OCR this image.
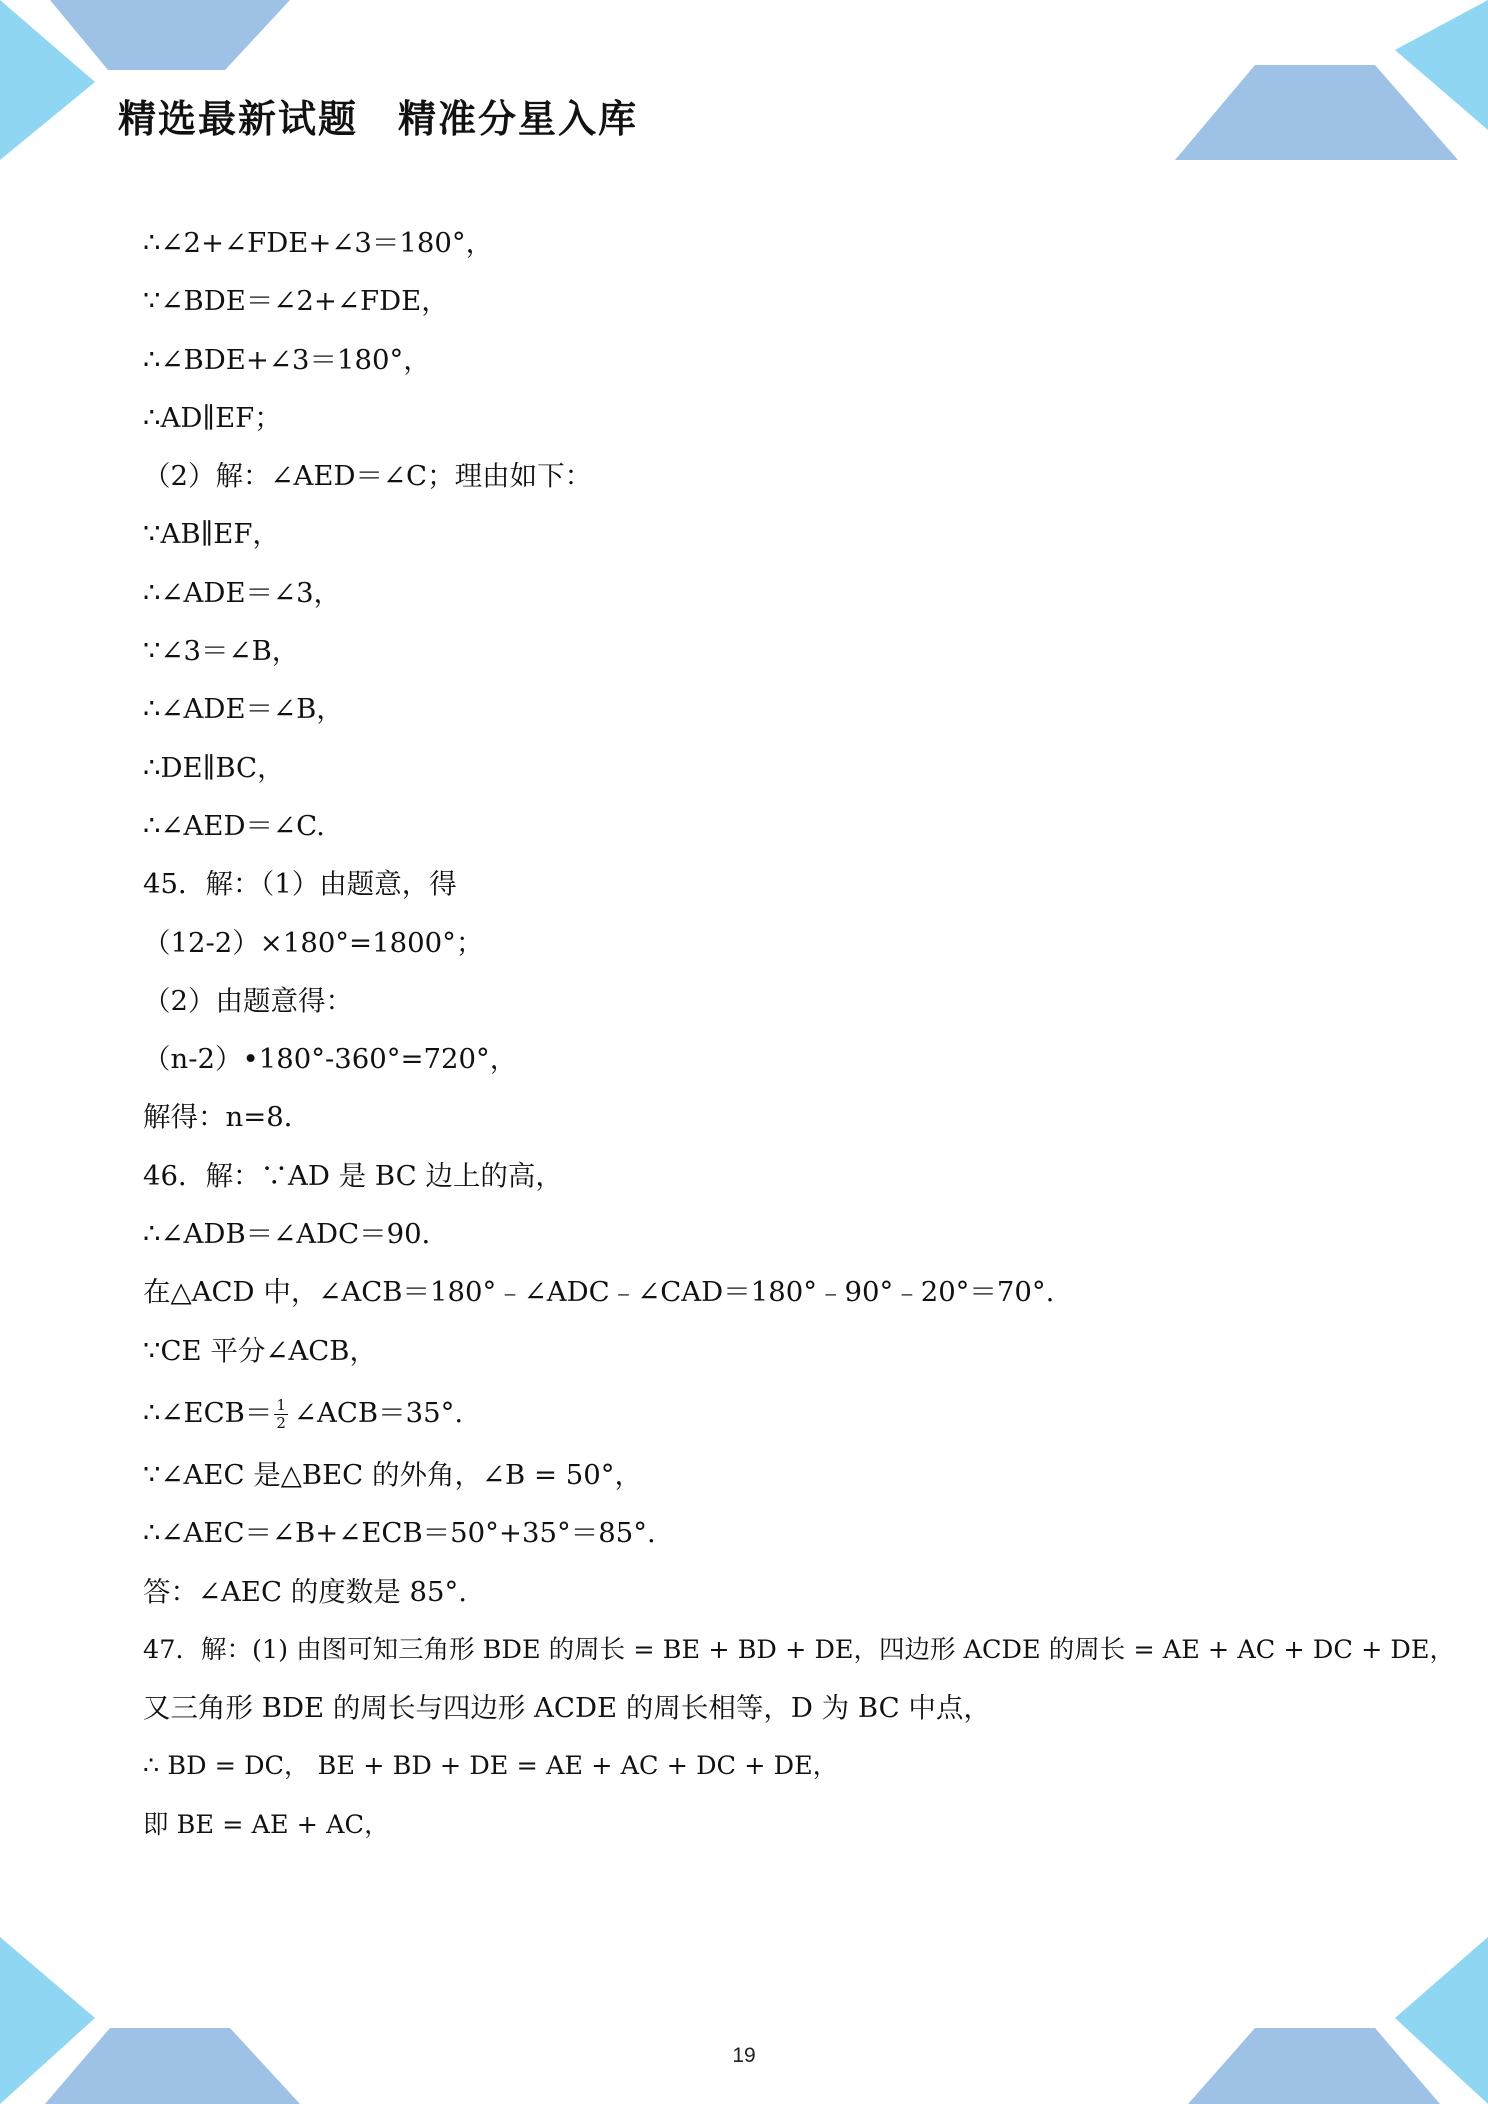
精选最新试题　精准分星入库
∴∠2+∠FDE+∠3＝180°，
∵∠BDE＝∠2+∠FDE，
∴∠BDE+∠3＝180°，
∴AD∥EF；
（2）解：∠AED＝∠C；理由如下：
∵AB∥EF，
∴∠ADE＝∠3，
∵∠3＝∠B，
∴∠ADE＝∠B，
∴DE∥BC，
∴∠AED＝∠C.
45．解：（1）由题意，得
（12-2）×180°=1800°；
（2）由题意得：
（n-2）•180°-360°=720°，
解得：n=8．
46．解：∵AD 是 BC 边上的高，
∴∠ADB＝∠ADC＝90．
在△ACD 中，∠ACB＝180°﹣∠ADC﹣∠CAD＝180°﹣90°﹣20°＝70°.
∵CE 平分∠ACB，
∴∠ECB＝ $\frac{1}{2}$ ∠ACB＝35°.
∵∠AEC 是△BEC 的外角，∠B = 50°，
∴∠AEC＝∠B+∠ECB＝50°+35°＝85°.
答：∠AEC 的度数是 85°.
47．解：(1) 由图可知三角形 BDE 的周长 = BE + BD + DE，四边形 ACDE 的周长 = AE + AC + DC + DE，
又三角形 BDE 的周长与四边形 ACDE 的周长相等，D 为 BC 中点，
∴ BD = DC， BE + BD + DE = AE + AC + DC + DE，
即 BE = AE + AC，
19
